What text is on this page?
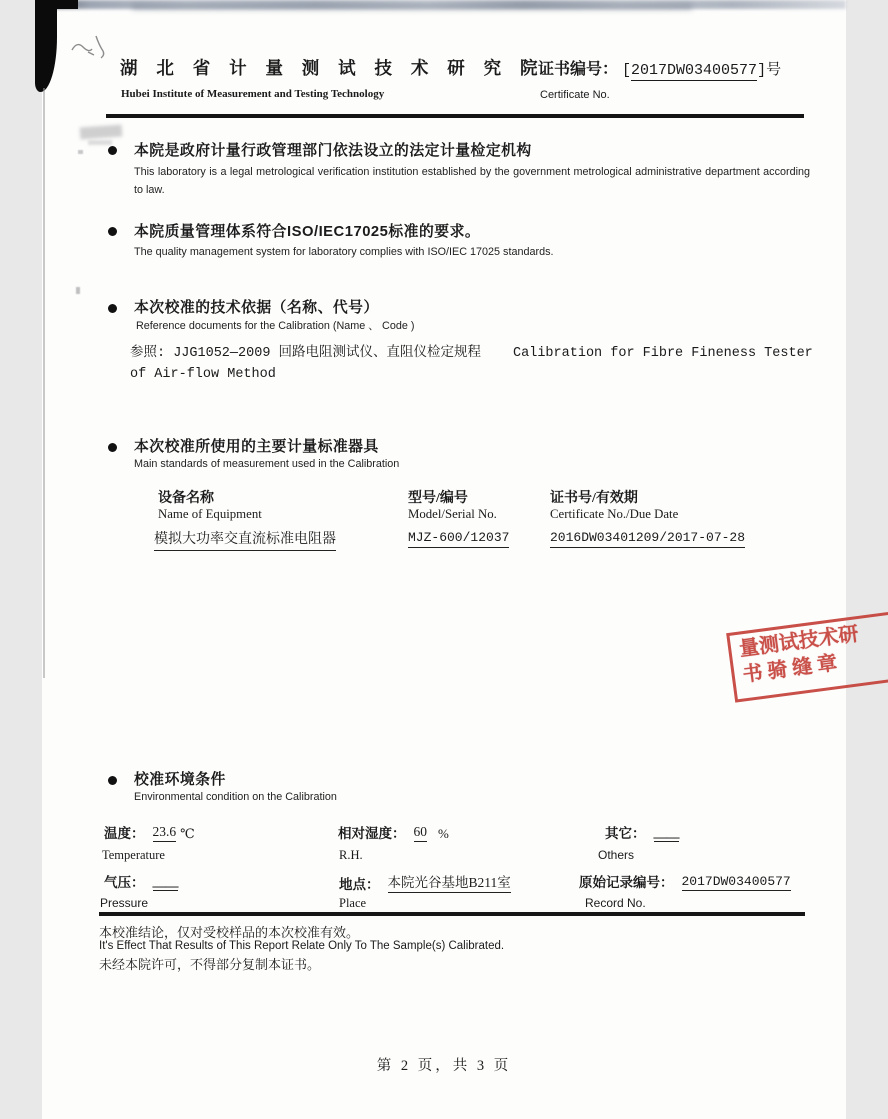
湖 北 省 计 量 测 试 技 术 研 究 院
Hubei Institute of Measurement and Testing Technology
证书编号： [2017DW03400577]号
Certificate No.
本院是政府计量行政管理部门依法设立的法定计量检定机构
This laboratory is a legal metrological verification institution established by the government metrological administrative department according to law.
本院质量管理体系符合ISO/IEC17025标准的要求。
The quality management system for laboratory complies with ISO/IEC 17025 standards.
本次校准的技术依据（名称、代号）
Reference documents for the Calibration (Name 、 Code )
参照: JJG1052—2009 回路电阻测试仪、直阻仪检定规程 Calibration for Fibre Fineness Tester
of Air-flow Method
本次校准所使用的主要计量标准器具
Main standards of measurement used in the Calibration
设备名称	型号/编号	证书号/有效期
Name of Equipment	Model/Serial No.	Certificate No./Due Date
模拟大功率交直流标准电阻器	MJZ-600/12037	2016DW03401209/2017-07-28
量测试技术研
书骑缝章
校准环境条件
Environmental condition on the Calibration
温度： 23.6 ℃	相对湿度： 60 %	其它： ——
Temperature	R.H.	Others
气压： ——	地点： 本院光谷基地B211室	原始记录编号： 2017DW03400577
Pressure	Place	Record No.
本校准结论，仅对受校样品的本次校准有效。
It's Effect That Results of This Report Relate Only To The Sample(s) Calibrated.
未经本院许可，不得部分复制本证书。
第 2 页，共 3 页
